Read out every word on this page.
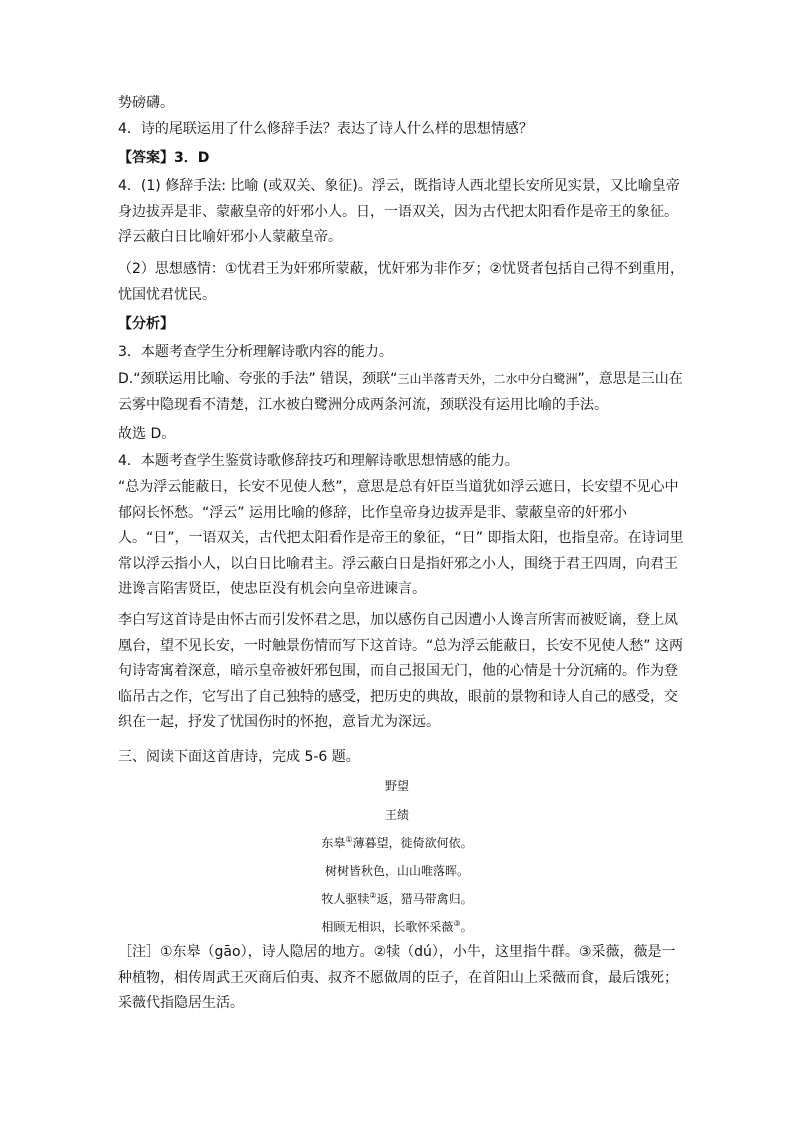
势磅礴。

4．诗的尾联运用了什么修辞手法？表达了诗人什么样的思想情感？

【答案】3．D

4．(1) 修辞手法: 比喻 (或双关、象征)。浮云，既指诗人西北望长安所见实景，又比喻皇帝身边拔弄是非、蒙蔽皇帝的奸邪小人。日，一语双关，因为古代把太阳看作是帝王的象征。浮云蔽白日比喻奸邪小人蒙蔽皇帝。

（2）思想感情：①忧君王为奸邪所蒙蔽，忧奸邪为非作歹；②忧贤者包括自己得不到重用，忧国忧君忧民。

【分析】

3．本题考查学生分析理解诗歌内容的能力。

D.“颈联运用比喻、夸张的手法” 错误，颈联“三山半落青天外，二水中分白鹭洲”，意思是三山在云雾中隐现看不清楚，江水被白鹭洲分成两条河流，颈联没有运用比喻的手法。

故选 D。

4．本题考查学生鉴赏诗歌修辞技巧和理解诗歌思想情感的能力。

“总为浮云能蔽日，长安不见使人愁”，意思是总有奸臣当道犹如浮云遮日，长安望不见心中郁闷长怀愁。“浮云” 运用比喻的修辞，比作皇帝身边拔弄是非、蒙蔽皇帝的奸邪小人。“日”，一语双关，古代把太阳看作是帝王的象征，“日” 即指太阳，也指皇帝。在诗词里常以浮云指小人，以白日比喻君主。浮云蔽白日是指奸邪之小人，围绕于君王四周，向君王进谗言陷害贤臣，使忠臣没有机会向皇帝进谏言。

李白写这首诗是由怀古而引发怀君之思，加以感伤自己因遭小人谗言所害而被贬谪，登上凤凰台，望不见长安，一时触景伤情而写下这首诗。“总为浮云能蔽日，长安不见使人愁” 这两句诗寄寓着深意，暗示皇帝被奸邪包围，而自己报国无门，他的心情是十分沉痛的。作为登临吊古之作，它写出了自己独特的感受，把历史的典故，眼前的景物和诗人自己的感受，交织在一起，抒发了忧国伤时的怀抱，意旨尤为深远。

三、阅读下面这首唐诗，完成 5-6 题。

野望
王绩
东皋①薄暮望，徙倚欲何依。
树树皆秋色，山山唯落晖。
牧人驱犊②返，猎马带禽归。
相顾无相识，长歌怀采薇③。

［注］①东皋（gāo），诗人隐居的地方。②犊（dú），小牛，这里指牛群。③采薇，薇是一种植物，相传周武王灭商后伯夷、叔齐不愿做周的臣子，在首阳山上采薇而食，最后饿死；采薇代指隐居生活。
